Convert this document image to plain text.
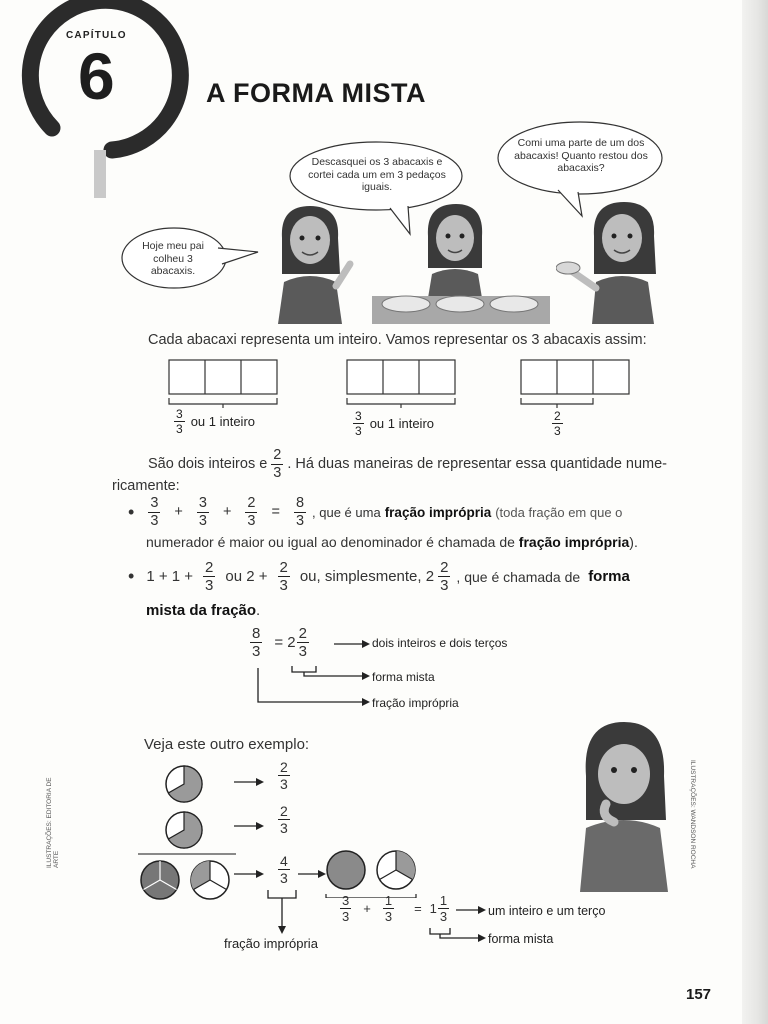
CAPÍTULO
6	A FORMA MISTA
Hoje meu pai colheu 3 abacaxis.
Descasquei os 3 abacaxis e cortei cada um em 3 pedaços iguais.
Comi uma parte de um dos abacaxis! Quanto restou dos abacaxis?
Cada abacaxi representa um inteiro. Vamos representar os 3 abacaxis assim:
$\frac{3}{3}$ ou 1 inteiro	$\frac{3}{3}$ ou 1 inteiro	$\frac{2}{3}$
São dois inteiros e $\frac{2}{3}$ . Há duas maneiras de representar essa quantidade nume-
ricamente:
• $\frac{3}{3} + \frac{3}{3} + \frac{2}{3} = \frac{8}{3}$ , que é uma fração imprópria (toda fração em que o
numerador é maior ou igual ao denominador é chamada de fração imprópria).
• $1 + 1 + \frac{2}{3}$ ou $2 + \frac{2}{3}$ ou, simplesmente, $2 \frac{2}{3}$ , que é chamada de forma
mista da fração.
$\frac{8}{3} = 2 \frac{2}{3}$	dois inteiros e dois terços
forma mista
fração imprópria
Veja este outro exemplo:
$\frac{2}{3}$
$\frac{2}{3}$
$\frac{4}{3}$
$\frac{3}{3} + \frac{1}{3} = 1 \frac{1}{3}$	um inteiro e um terço
forma mista
fração imprópria
ILUSTRAÇÕES: EDITORIA DE ARTE	ILUSTRAÇÕES: WANDSON ROCHA
157
